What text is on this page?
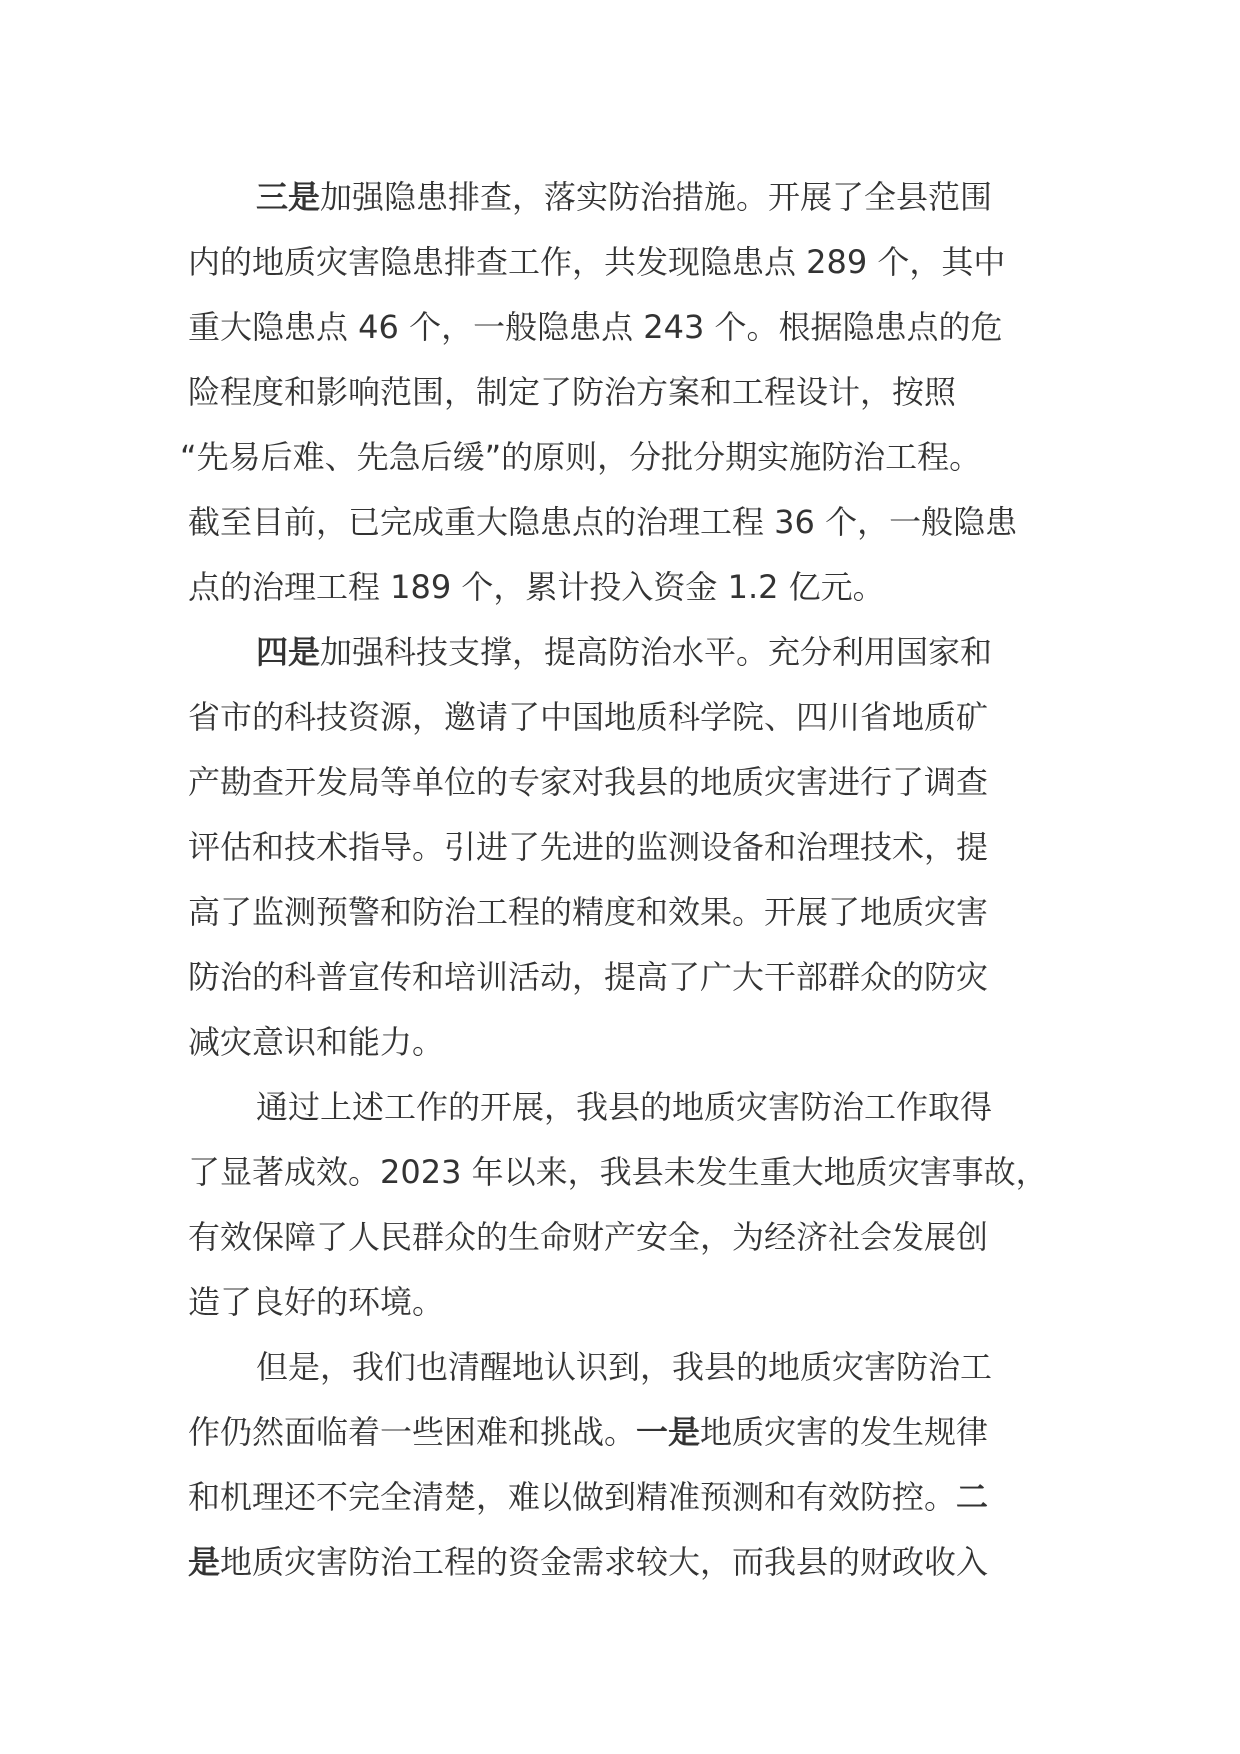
三是加强隐患排查，落实防治措施。开展了全县范围
内的地质灾害隐患排查工作，共发现隐患点 289 个，其中
重大隐患点 46 个，一般隐患点 243 个。根据隐患点的危
险程度和影响范围，制定了防治方案和工程设计，按照
“先易后难、先急后缓”的原则，分批分期实施防治工程。
截至目前，已完成重大隐患点的治理工程 36 个，一般隐患
点的治理工程 189 个，累计投入资金 1.2 亿元。
四是加强科技支撑，提高防治水平。充分利用国家和
省市的科技资源，邀请了中国地质科学院、四川省地质矿
产勘查开发局等单位的专家对我县的地质灾害进行了调查
评估和技术指导。引进了先进的监测设备和治理技术，提
高了监测预警和防治工程的精度和效果。开展了地质灾害
防治的科普宣传和培训活动，提高了广大干部群众的防灾
减灾意识和能力。
通过上述工作的开展，我县的地质灾害防治工作取得
了显著成效。2023 年以来，我县未发生重大地质灾害事故，
有效保障了人民群众的生命财产安全，为经济社会发展创
造了良好的环境。
但是，我们也清醒地认识到，我县的地质灾害防治工
作仍然面临着一些困难和挑战。一是地质灾害的发生规律
和机理还不完全清楚，难以做到精准预测和有效防控。二
是地质灾害防治工程的资金需求较大，而我县的财政收入
